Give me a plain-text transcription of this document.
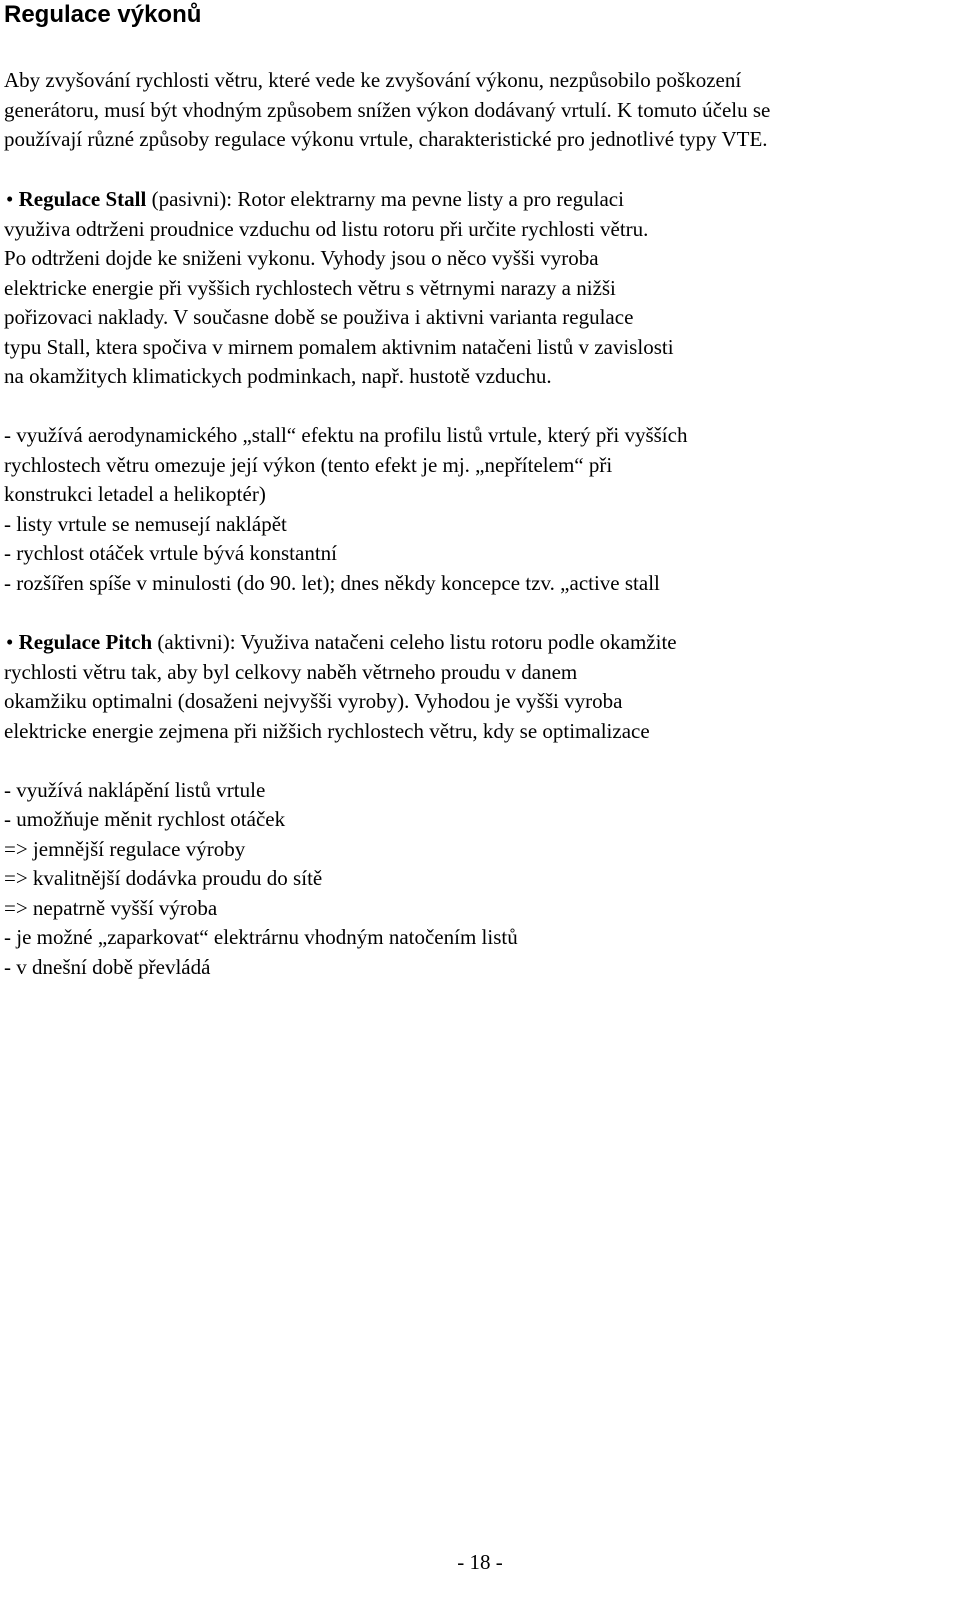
Regulace výkonů

Aby zvyšování rychlosti větru, které vede ke zvyšování výkonu, nezpůsobilo poškození

generátoru, musí být vhodným způsobem snížen výkon dodávaný vrtulí. K tomuto účelu se

používají různé způsoby regulace výkonu vrtule, charakteristické pro jednotlivé typy VTE.

• Regulace Stall (pasivni): Rotor elektrarny ma pevne listy a pro regulaci

využiva odtrženi proudnice vzduchu od listu rotoru při určite rychlosti větru.

Po odtrženi dojde ke sniženi vykonu. Vyhody jsou o něco vyšši vyroba

elektricke energie při vyššich rychlostech větru s větrnymi narazy a nižši

pořizovaci naklady. V současne době se použiva i aktivni varianta regulace

typu Stall, ktera spočiva v mirnem pomalem aktivnim natačeni listů v zavislosti

na okamžitych klimatickych podminkach, např. hustotě vzduchu.

- využívá aerodynamického „stall“ efektu na profilu listů vrtule, který při vyšších

rychlostech větru omezuje její výkon (tento efekt je mj. „nepřítelem“ při

konstrukci letadel a helikoptér)

- listy vrtule se nemusejí naklápět

- rychlost otáček vrtule bývá konstantní

- rozšířen spíše v minulosti (do 90. let); dnes někdy koncepce tzv. „active stall

• Regulace Pitch (aktivni): Využiva natačeni celeho listu rotoru podle okamžite

rychlosti větru tak, aby byl celkovy naběh větrneho proudu v danem

okamžiku optimalni (dosaženi nejvyšši vyroby). Vyhodou je vyšši vyroba

elektricke energie zejmena při nižšich rychlostech větru, kdy se optimalizace

- využívá naklápění listů vrtule

- umožňuje měnit rychlost otáček

=> jemnější regulace výroby

=> kvalitnější dodávka proudu do sítě

=> nepatrně vyšší výroba

- je možné „zaparkovat“ elektrárnu vhodným natočením listů

- v dnešní době převládá

- 18 -
